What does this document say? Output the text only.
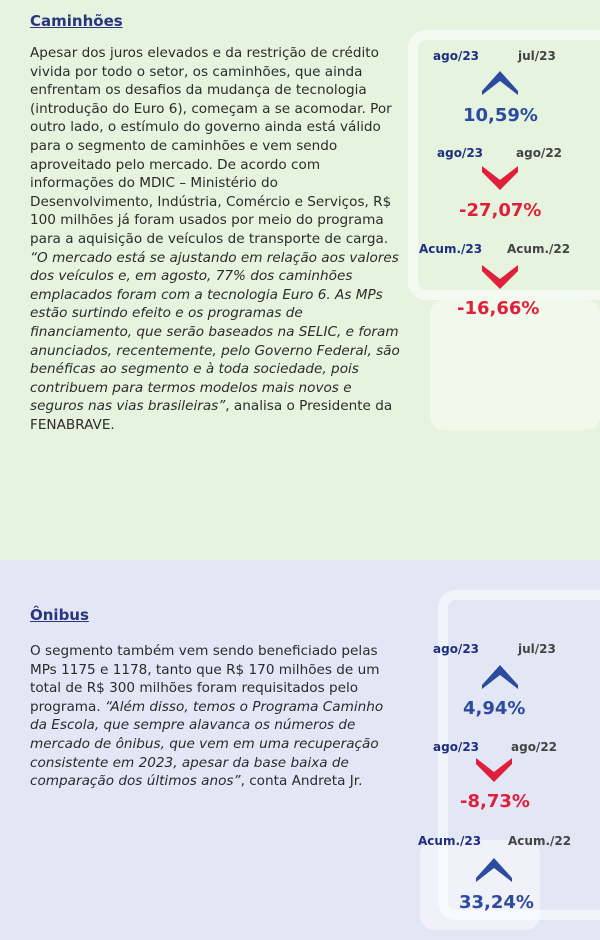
Caminhões

Apesar dos juros elevados e da restrição de crédito vivida por todo o setor, os caminhões, que ainda enfrentam os desafios da mudança de tecnologia (introdução do Euro 6), começam a se acomodar. Por outro lado, o estímulo do governo ainda está válido para o segmento de caminhões e vem sendo aproveitado pelo mercado. De acordo com informações do MDIC – Ministério do Desenvolvimento, Indústria, Comércio e Serviços, R$ 100 milhões já foram usados por meio do programa para a aquisição de veículos de transporte de carga. “O mercado está se ajustando em relação aos valores dos veículos e, em agosto, 77% dos caminhões emplacados foram com a tecnologia Euro 6. As MPs estão surtindo efeito e os programas de financiamento, que serão baseados na SELIC, e foram anunciados, recentemente, pelo Governo Federal, são benéficas ao segmento e à toda sociedade, pois contribuem para termos modelos mais novos e seguros nas vias brasileiras”, analisa o Presidente da FENABRAVE.

ago/23	jul/23
10,59%
ago/23	ago/22
-27,07%
Acum./23 Acum./22
-16,66%
Ônibus

O segmento também vem sendo beneficiado pelas MPs 1175 e 1178, tanto que R$ 170 milhões de um total de R$ 300 milhões foram requisitados pelo programa. “Além disso, temos o Programa Caminho da Escola, que sempre alavanca os números de mercado de ônibus, que vem em uma recuperação consistente em 2023, apesar da base baixa de comparação dos últimos anos”, conta Andreta Jr.

ago/23	jul/23
4,94%
ago/23	ago/22
-8,73%
Acum./23 Acum./22
33,24%
